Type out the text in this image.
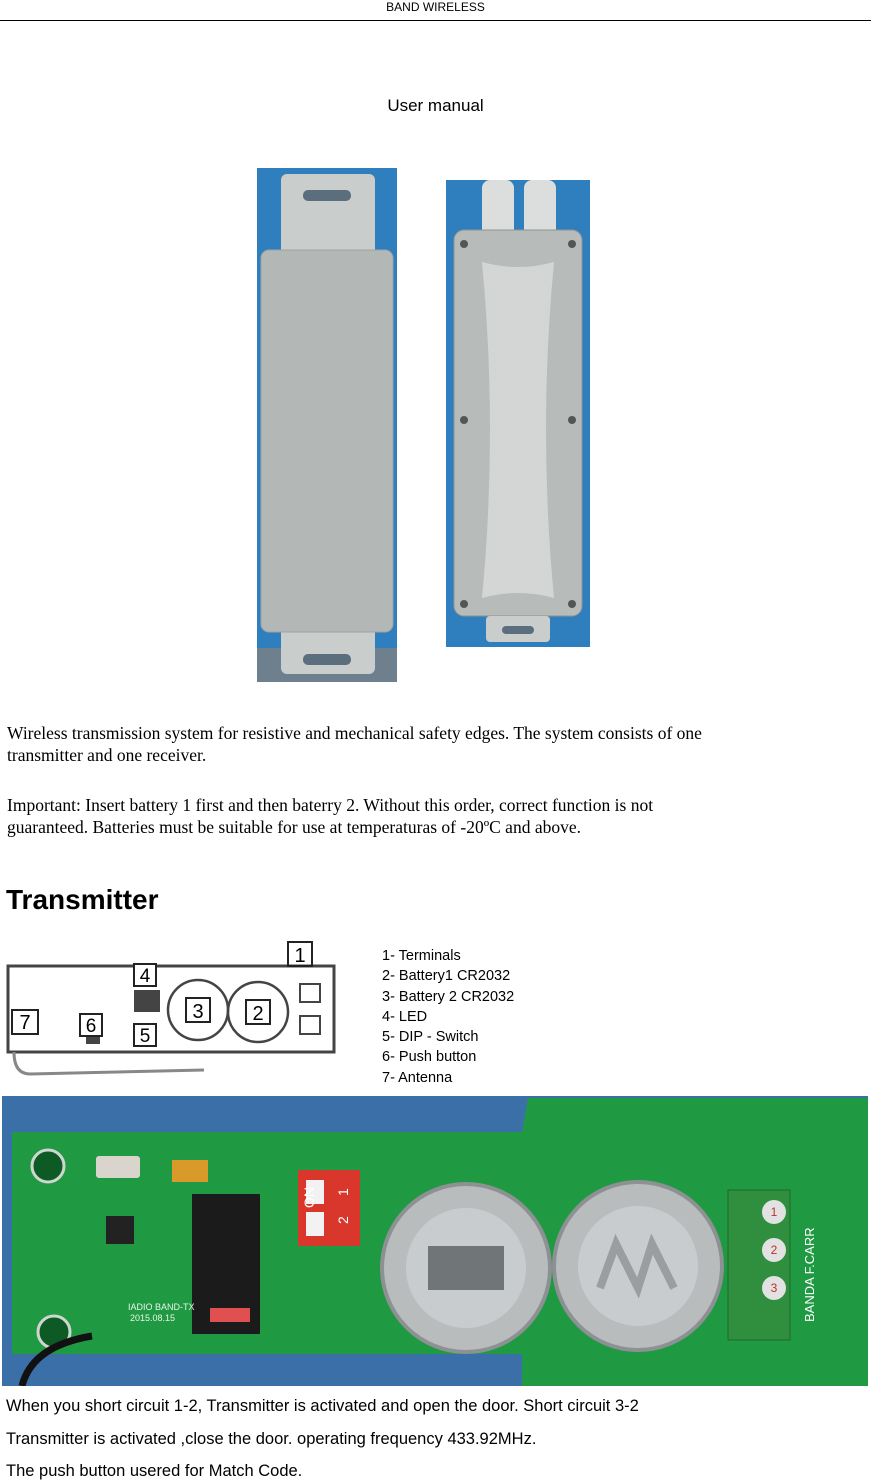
BAND WIRELESS
User manual
Wireless transmission system for resistive and mechanical safety edges. The system consists of one
transmitter and one receiver.
Important: Insert battery 1 first and then baterry 2. Without this order, correct function is not
guaranteed. Batteries must be suitable for use at temperaturas of -20ºC and above.
Transmitter
1
2
3
4
5
6
7
1- Terminals
2- Battery1 CR2032
3- Battery 2 CR2032
4- LED
5- DIP - Switch
6- Push button
7- Antenna
ON 1
2
1
2
3 BANDA F.CARR
IADIO BAND-TX
2015.08.15
When you short circuit 1-2, Transmitter is activated and open the door. Short circuit 3-2
Transmitter is activated ,close the door. operating frequency 433.92MHz.
The push button usered for Match Code.
